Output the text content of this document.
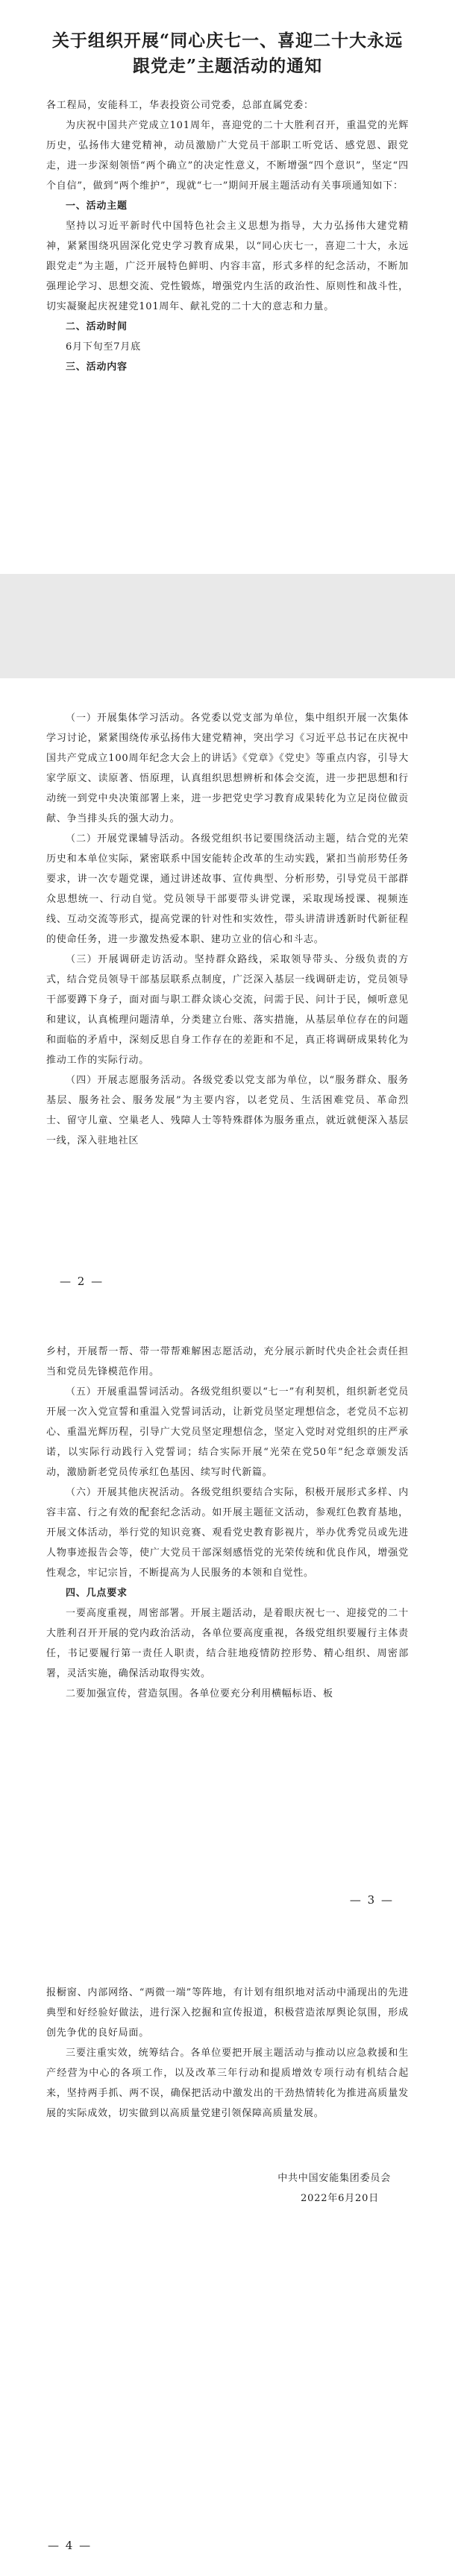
关于组织开展“同心庆七一、喜迎二十大永远跟党走”主题活动的通知

各工程局，安能科工，华表投资公司党委，总部直属党委：

为庆祝中国共产党成立101周年，喜迎党的二十大胜利召开，重温党的光辉历史，弘扬伟大建党精神，动员激励广大党员干部职工听党话、感党恩、跟党走，进一步深刻领悟“两个确立”的决定性意义，不断增强“四个意识”，坚定“四个自信”，做到“两个维护”，现就“七一”期间开展主题活动有关事项通知如下：

一、活动主题

坚持以习近平新时代中国特色社会主义思想为指导，大力弘扬伟大建党精神，紧紧围绕巩固深化党史学习教育成果，以“同心庆七一，喜迎二十大，永远跟党走”为主题，广泛开展特色鲜明、内容丰富，形式多样的纪念活动，不断加强理论学习、思想交流、党性锻炼，增强党内生活的政治性、原则性和战斗性，切实凝聚起庆祝建党101周年、献礼党的二十大的意志和力量。

二、活动时间

6月下旬至7月底

三、活动内容

（一）开展集体学习活动。各党委以党支部为单位，集中组织开展一次集体学习讨论，紧紧围绕传承弘扬伟大建党精神，突出学习《习近平总书记在庆祝中国共产党成立100周年纪念大会上的讲话》《党章》《党史》等重点内容，引导大家学原文、读原著、悟原理，认真组织思想辨析和体会交流，进一步把思想和行动统一到党中央决策部署上来，进一步把党史学习教育成果转化为立足岗位做贡献、争当排头兵的强大动力。

（二）开展党课辅导活动。各级党组织书记要围绕活动主题，结合党的光荣历史和本单位实际，紧密联系中国安能转企改革的生动实践，紧扣当前形势任务要求，讲一次专题党课，通过讲述故事、宣传典型、分析形势，引导党员干部群众思想统一、行动自觉。党员领导干部要带头讲党课，采取现场授课、视频连线、互动交流等形式，提高党课的针对性和实效性，带头讲清讲透新时代新征程的使命任务，进一步激发热爱本职、建功立业的信心和斗志。

（三）开展调研走访活动。坚持群众路线，采取领导带头、分级负责的方式，结合党员领导干部基层联系点制度，广泛深入基层一线调研走访，党员领导干部要蹲下身子，面对面与职工群众谈心交流，问需于民、问计于民，倾听意见和建议，认真梳理问题清单，分类建立台账、落实措施，从基层单位存在的问题和面临的矛盾中，深刻反思自身工作存在的差距和不足，真正将调研成果转化为推动工作的实际行动。

（四）开展志愿服务活动。各级党委以党支部为单位，以“服务群众、服务基层、服务社会、服务发展”为主要内容，以老党员、生活困难党员、革命烈士、留守儿童、空巢老人、残障人士等特殊群体为服务重点，就近就便深入基层一线，深入驻地社区

— 2 —

乡村，开展帮一帮、带一带帮难解困志愿活动，充分展示新时代央企社会责任担当和党员先锋模范作用。

（五）开展重温誓词活动。各级党组织要以“七一”有利契机，组织新老党员开展一次入党宣誓和重温入党誓词活动，让新党员坚定理想信念，老党员不忘初心、重温光辉历程，引导广大党员坚定理想信念，坚定入党时对党组织的庄严承诺，以实际行动践行入党誓词；结合实际开展“光荣在党50年”纪念章颁发活动，激励新老党员传承红色基因、续写时代新篇。

（六）开展其他庆祝活动。各级党组织要结合实际，积极开展形式多样、内容丰富、行之有效的配套纪念活动。如开展主题征文活动，参观红色教育基地，开展文体活动，举行党的知识竞赛、观看党史教育影视片，举办优秀党员或先进人物事迹报告会等，使广大党员干部深刻感悟党的光荣传统和优良作风，增强党性观念，牢记宗旨，不断提高为人民服务的本领和自觉性。

四、几点要求

一要高度重视，周密部署。开展主题活动，是着眼庆祝七一、迎接党的二十大胜利召开开展的党内政治活动，各单位要高度重视，各级党组织要履行主体责任，书记要履行第一责任人职责，结合驻地疫情防控形势、精心组织、周密部署，灵活实施，确保活动取得实效。

二要加强宣传，营造氛围。各单位要充分利用横幅标语、板

— 3 —

报橱窗、内部网络、“两微一端”等阵地，有计划有组织地对活动中涌现出的先进典型和好经验好做法，进行深入挖掘和宣传报道，积极营造浓厚舆论氛围，形成创先争优的良好局面。

三要注重实效，统筹结合。各单位要把开展主题活动与推动以应急救援和生产经营为中心的各项工作，以及改革三年行动和提质增效专项行动有机结合起来，坚持两手抓、两不误，确保把活动中激发出的干劲热情转化为推进高质量发展的实际成效，切实做到以高质量党建引领保障高质量发展。

中共中国安能集团委员会

2022年6月20日

— 4 —
